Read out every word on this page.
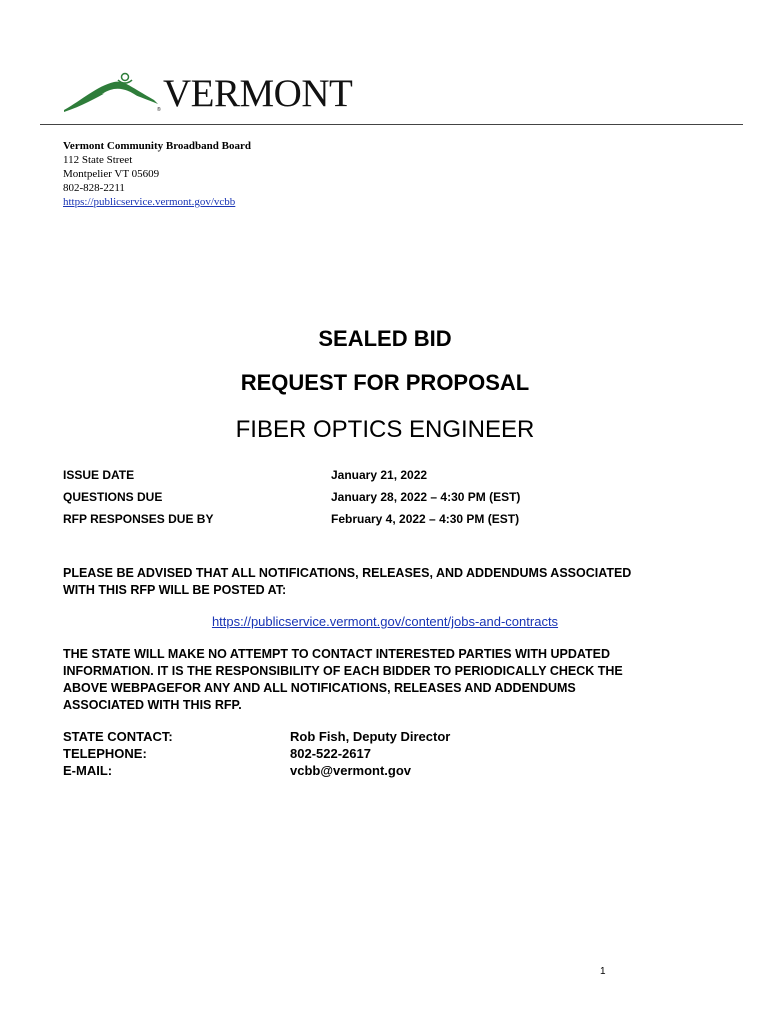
® VERMONT
Vermont Community Broadband Board
112 State Street
Montpelier VT 05609
802-828-2211
https://publicservice.vermont.gov/vcbb
SEALED BID
REQUEST FOR PROPOSAL
FIBER OPTICS ENGINEER
ISSUE DATE	January 21, 2022
QUESTIONS DUE	January 28, 2022 – 4:30 PM (EST)
RFP RESPONSES DUE BY	February 4, 2022 – 4:30 PM (EST)
PLEASE BE ADVISED THAT ALL NOTIFICATIONS, RELEASES, AND ADDENDUMS ASSOCIATED
WITH THIS RFP WILL BE POSTED AT:
https://publicservice.vermont.gov/content/jobs-and-contracts
THE STATE WILL MAKE NO ATTEMPT TO CONTACT INTERESTED PARTIES WITH UPDATED
INFORMATION. IT IS THE RESPONSIBILITY OF EACH BIDDER TO PERIODICALLY CHECK THE
ABOVE WEBPAGEFOR ANY AND ALL NOTIFICATIONS, RELEASES AND ADDENDUMS
ASSOCIATED WITH THIS RFP.
STATE CONTACT:	Rob Fish, Deputy Director
TELEPHONE:	802-522-2617
E-MAIL:	vcbb@vermont.gov
1
